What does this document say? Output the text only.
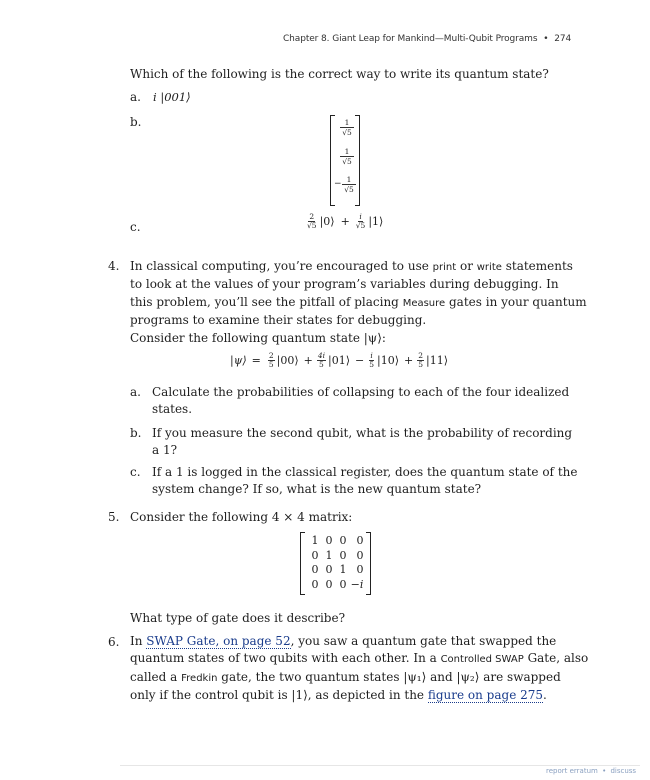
Chapter 8. Giant Leap for Mankind—Multi-Qubit Programs • 274
Which of the following is the correct way to write its quantum state?
a. i |001⟩
b.	$\frac{1}{√5}$
$\frac{1}{√5}$
− $\frac{1}{√5}$
c.	$\frac{2}{√5}$ |0⟩ + $\frac{i}{√5}$ |1⟩
4. In classical computing, you’re encouraged to use print or write statements
to look at the values of your program’s variables during debugging. In
this problem, you’ll see the pitfall of placing Measure gates in your quantum
programs to examine their states for debugging.
Consider the following quantum state |ψ⟩:
|ψ⟩ = $\frac{2}{5}$ |00⟩ + $\frac{4i}{5}$ |01⟩ − $\frac{i}{5}$ |10⟩ + $\frac{2}{5}$ |11⟩
a. Calculate the probabilities of collapsing to each of the four idealized
states.
b. If you measure the second qubit, what is the probability of recording
a 1?
c. If a 1 is logged in the classical register, does the quantum state of the
system change? If so, what is the new quantum state?
5. Consider the following 4 × 4 matrix:
1 0 0 0
0 1 0 0
0 0 1 0
0 0 0 −i
What type of gate does it describe?
6. In SWAP Gate, on page 52, you saw a quantum gate that swapped the
quantum states of two qubits with each other. In a Controlled SWAP Gate, also
called a Fredkin gate, the two quantum states |ψ₁⟩ and |ψ₂⟩ are swapped
only if the control qubit is |1⟩, as depicted in the figure on page 275.
report erratum • discuss
